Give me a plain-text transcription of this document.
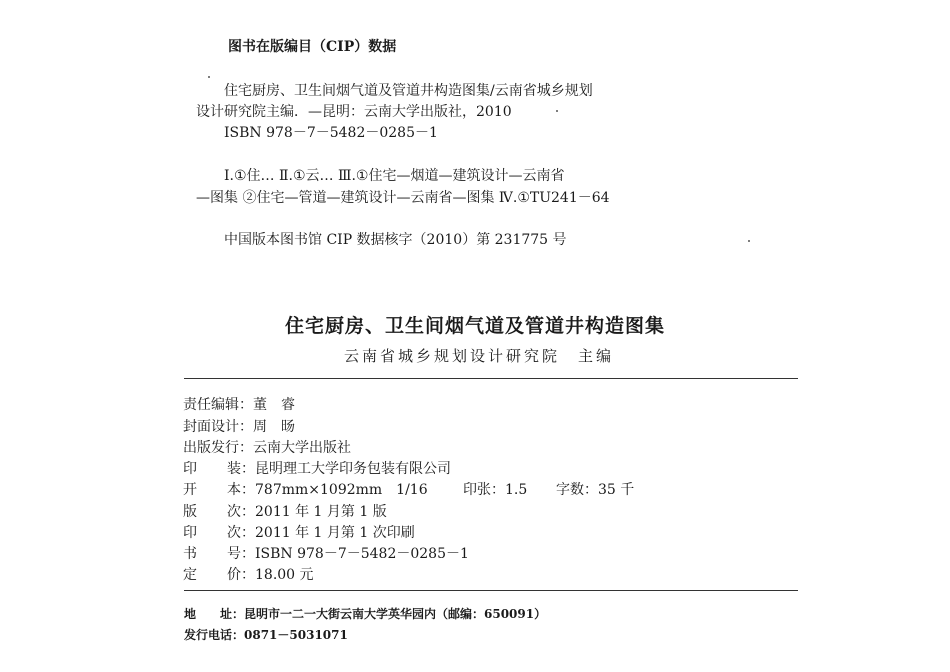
图书在版编目（CIP）数据
住宅厨房、卫生间烟气道及管道井构造图集/云南省城乡规划
设计研究院主编．—昆明：云南大学出版社，2010
ISBN 978－7－5482－0285－1
Ⅰ.①住… Ⅱ.①云… Ⅲ.①住宅—烟道—建筑设计—云南省
—图集 ②住宅—管道—建筑设计—云南省—图集 Ⅳ.①TU241－64
中国版本图书馆 CIP 数据核字（2010）第 231775 号
住宅厨房、卫生间烟气道及管道井构造图集
云南省城乡规划设计研究院　主编
责任编辑：董　睿
封面设计：周　旸
出版发行：云南大学出版社
印 装：昆明理工大学印务包装有限公司
开 本：787mm×1092mm　1/16	印张：1.5 字数：35 千
版 次：2011 年 1 月第 1 版
印 次：2011 年 1 月第 1 次印刷
书 号：ISBN 978－7－5482－0285－1
定 价：18.00 元
地　　址：昆明市一二一大街云南大学英华园内（邮编：650091）
发行电话：0871－5031071
